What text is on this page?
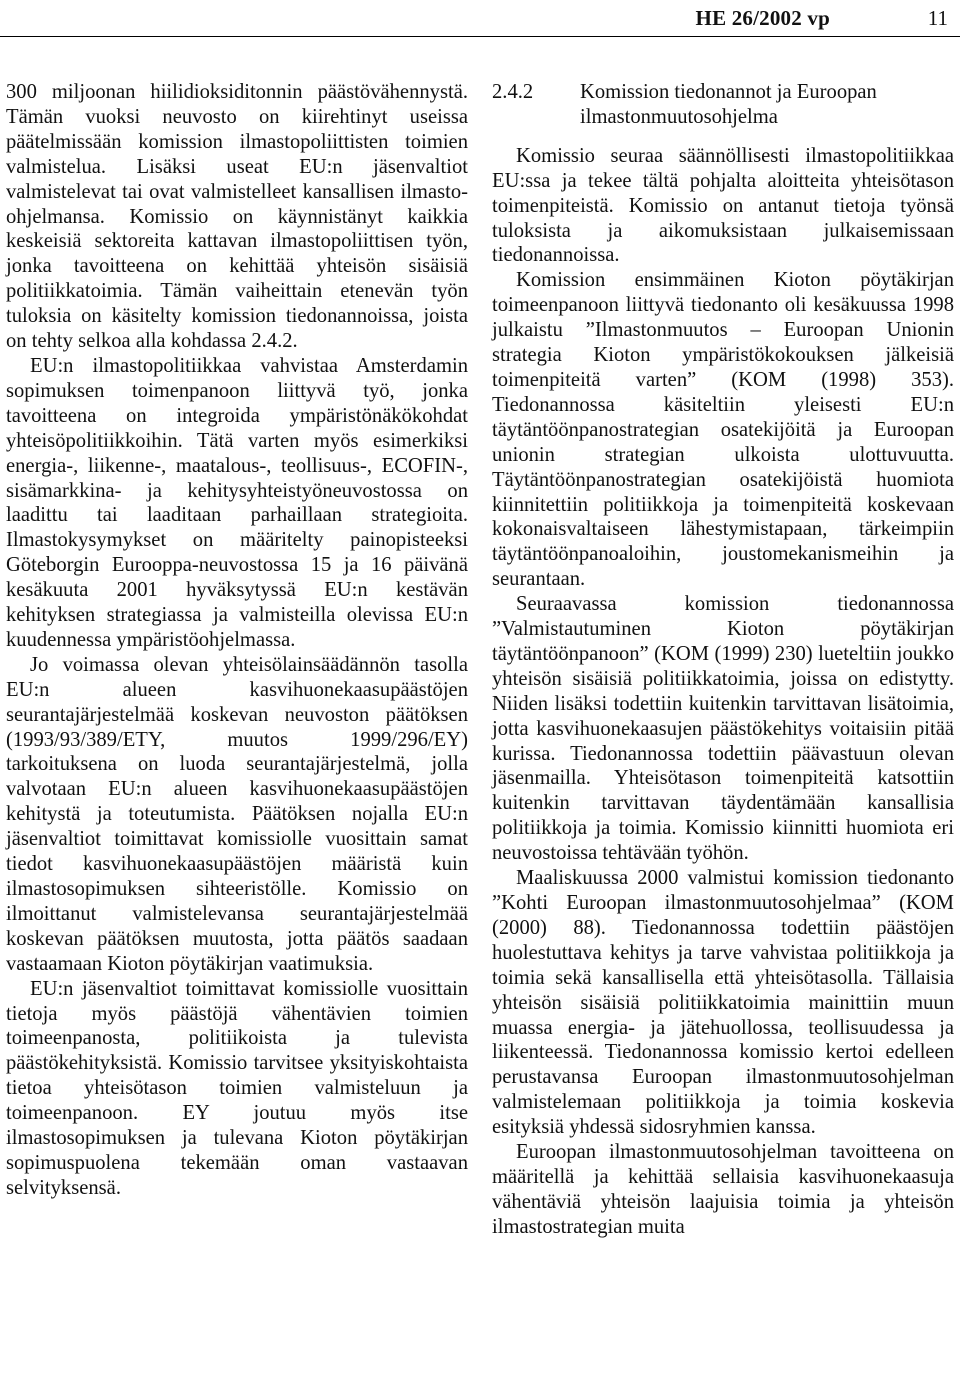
HE 26/2002 vp	11

300 miljoonan hiilidioksiditonnin päästövähennystä. Tämän vuoksi neuvosto on kiirehtinyt useissa päätelmissään komission ilmastopoliittisten toimien valmistelua. Lisäksi useat EU:n jäsenvaltiot valmistelevat tai ovat valmistelleet kansallisen ilmasto-ohjelmansa. Komissio on käynnistänyt kaikkia keskeisiä sektoreita kattavan ilmastopoliittisen työn, jonka tavoitteena on kehittää yhteisön sisäisiä politiikkatoimia. Tämän vaiheittain etenevän työn tuloksia on käsitelty komission tiedonannoissa, joista on tehty selkoa alla kohdassa 2.4.2.

EU:n ilmastopolitiikkaa vahvistaa Amsterdamin sopimuksen toimenpanoon liittyvä työ, jonka tavoitteena on integroida ympäristönäkökohdat yhteisöpolitiikkoihin. Tätä varten myös esimerkiksi energia-, liikenne-, maatalous-, teollisuus-, ECOFIN-, sisämarkkina- ja kehitysyhteistyöneuvostossa on laadittu tai laaditaan parhaillaan strategioita. Ilmastokysymykset on määritelty painopisteeksi Göteborgin Eurooppa-neuvostossa 15 ja 16 päivänä kesäkuuta 2001 hyväksytyssä EU:n kestävän kehityksen strategiassa ja valmisteilla olevissa EU:n kuudennessa ympäristöohjelmassa.

Jo voimassa olevan yhteisölainsäädännön tasolla EU:n alueen kasvihuonekaasupäästöjen seurantajärjestelmää koskevan neuvoston päätöksen (1993/93/389/ETY, muutos 1999/296/EY) tarkoituksena on luoda seurantajärjestelmä, jolla valvotaan EU:n alueen kasvihuonekaasupäästöjen kehitystä ja toteutumista. Päätöksen nojalla EU:n jäsenvaltiot toimittavat komissiolle vuosittain samat tiedot kasvihuonekaasupäästöjen määristä kuin ilmastosopimuksen sihteeristölle. Komissio on ilmoittanut valmistelevansa seurantajärjestelmää koskevan päätöksen muutosta, jotta päätös saadaan vastaamaan Kioton pöytäkirjan vaatimuksia.

EU:n jäsenvaltiot toimittavat komissiolle vuosittain tietoja myös päästöjä vähentävien toimien toimeenpanosta, politiikoista ja tulevista päästökehityksistä. Komissio tarvitsee yksityiskohtaista tietoa yhteisötason toimien valmisteluun ja toimeenpanoon. EY joutuu myös itse ilmastosopimuksen ja tulevana Kioton pöytäkirjan sopimuspuolena tekemään oman vastaavan selvityksensä.

2.4.2	Komission tiedonannot ja Euroopan ilmastonmuutosohjelma

Komissio seuraa säännöllisesti ilmastopolitiikkaa EU:ssa ja tekee tältä pohjalta aloitteita yhteisötason toimenpiteistä. Komissio on antanut tietoja työnsä tuloksista ja aikomuksistaan julkaisemissaan tiedonannoissa.

Komission ensimmäinen Kioton pöytäkirjan toimeenpanoon liittyvä tiedonanto oli kesäkuussa 1998 julkaistu ”Ilmastonmuutos – Euroopan Unionin strategia Kioton ympäristökokouksen jälkeisiä toimenpiteitä varten” (KOM (1998) 353). Tiedonannossa käsiteltiin yleisesti EU:n täytäntöönpanostrategian osatekijöitä ja Euroopan unionin strategian ulkoista ulottuvuutta. Täytäntöönpanostrategian osatekijöistä huomiota kiinnitettiin politiikkoja ja toimenpiteitä koskevaan kokonaisvaltaiseen lähestymistapaan, tärkeimpiin täytäntöönpanoaloihin, joustomekanismeihin ja seurantaan.

Seuraavassa komission tiedonannossa ”Valmistautuminen Kioton pöytäkirjan täytäntöönpanoon” (KOM (1999) 230) lueteltiin joukko yhteisön sisäisiä politiikkatoimia, joissa on edistytty. Niiden lisäksi todettiin kuitenkin tarvittavan lisätoimia, jotta kasvihuonekaasujen päästökehitys voitaisiin pitää kurissa. Tiedonannossa todettiin päävastuun olevan jäsenmailla. Yhteisötason toimenpiteitä katsottiin kuitenkin tarvittavan täydentämään kansallisia politiikkoja ja toimia. Komissio kiinnitti huomiota eri neuvostoissa tehtävään työhön.

Maaliskuussa 2000 valmistui komission tiedonanto ”Kohti Euroopan ilmastonmuutosohjelmaa” (KOM (2000) 88). Tiedonannossa todettiin päästöjen huolestuttava kehitys ja tarve vahvistaa politiikkoja ja toimia sekä kansallisella että yhteisötasolla. Tällaisia yhteisön sisäisiä politiikkatoimia mainittiin muun muassa energia- ja jätehuollossa, teollisuudessa ja liikenteessä. Tiedonannossa komissio kertoi edelleen perustavansa Euroopan ilmastonmuutosohjelman valmistelemaan politiikkoja ja toimia koskevia esityksiä yhdessä sidosryhmien kanssa.

Euroopan ilmastonmuutosohjelman tavoitteena on määritellä ja kehittää sellaisia kasvihuonekaasuja vähentäviä yhteisön laajuisia toimia ja yhteisön ilmastostrategian muita
